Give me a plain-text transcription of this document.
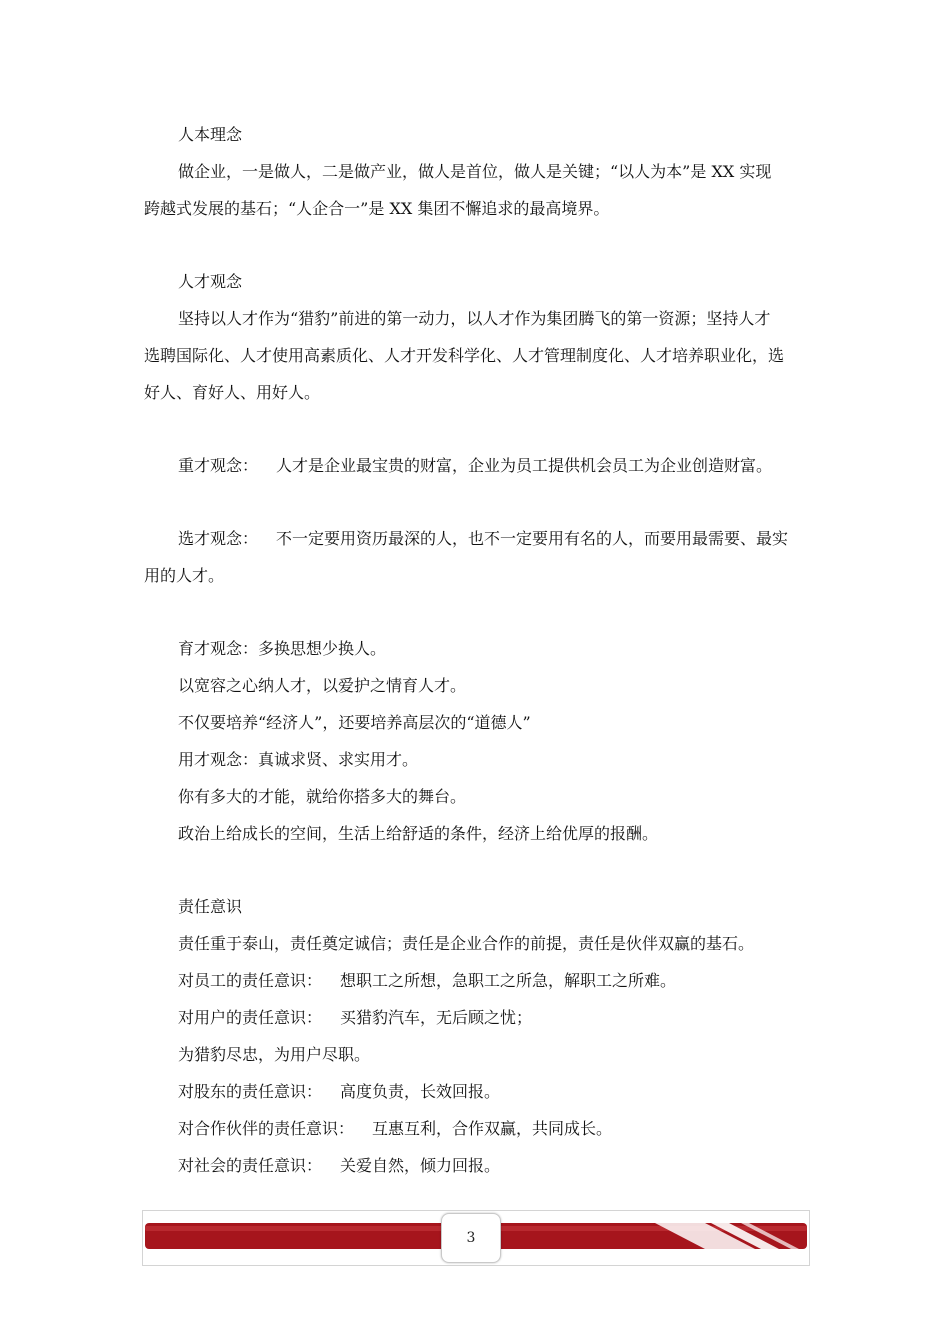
人本理念
做企业，一是做人，二是做产业，做人是首位，做人是关键；“以人为本”是 XX 实现
跨越式发展的基石；“人企合一”是 XX 集团不懈追求的最高境界。
人才观念
坚持以人才作为“猎豹”前进的第一动力，以人才作为集团腾飞的第一资源；坚持人才
选聘国际化、人才使用高素质化、人才开发科学化、人才管理制度化、人才培养职业化，选
好人、育好人、用好人。
重才观念： 人才是企业最宝贵的财富，企业为员工提供机会员工为企业创造财富。
选才观念： 不一定要用资历最深的人，也不一定要用有名的人，而要用最需要、最实
用的人才。
育才观念：多换思想少换人。
以宽容之心纳人才，以爱护之情育人才。
不仅要培养“经济人”，还要培养高层次的“道德人”
用才观念：真诚求贤、求实用才。
你有多大的才能，就给你搭多大的舞台。
政治上给成长的空间，生活上给舒适的条件，经济上给优厚的报酬。
责任意识
责任重于泰山，责任奠定诚信；责任是企业合作的前提，责任是伙伴双赢的基石。
对员工的责任意识： 想职工之所想，急职工之所急，解职工之所难。
对用户的责任意识： 买猎豹汽车，无后顾之忧；
为猎豹尽忠，为用户尽职。
对股东的责任意识： 高度负责，长效回报。
对合作伙伴的责任意识： 互惠互利，合作双赢，共同成长。
对社会的责任意识： 关爱自然，倾力回报。
3
